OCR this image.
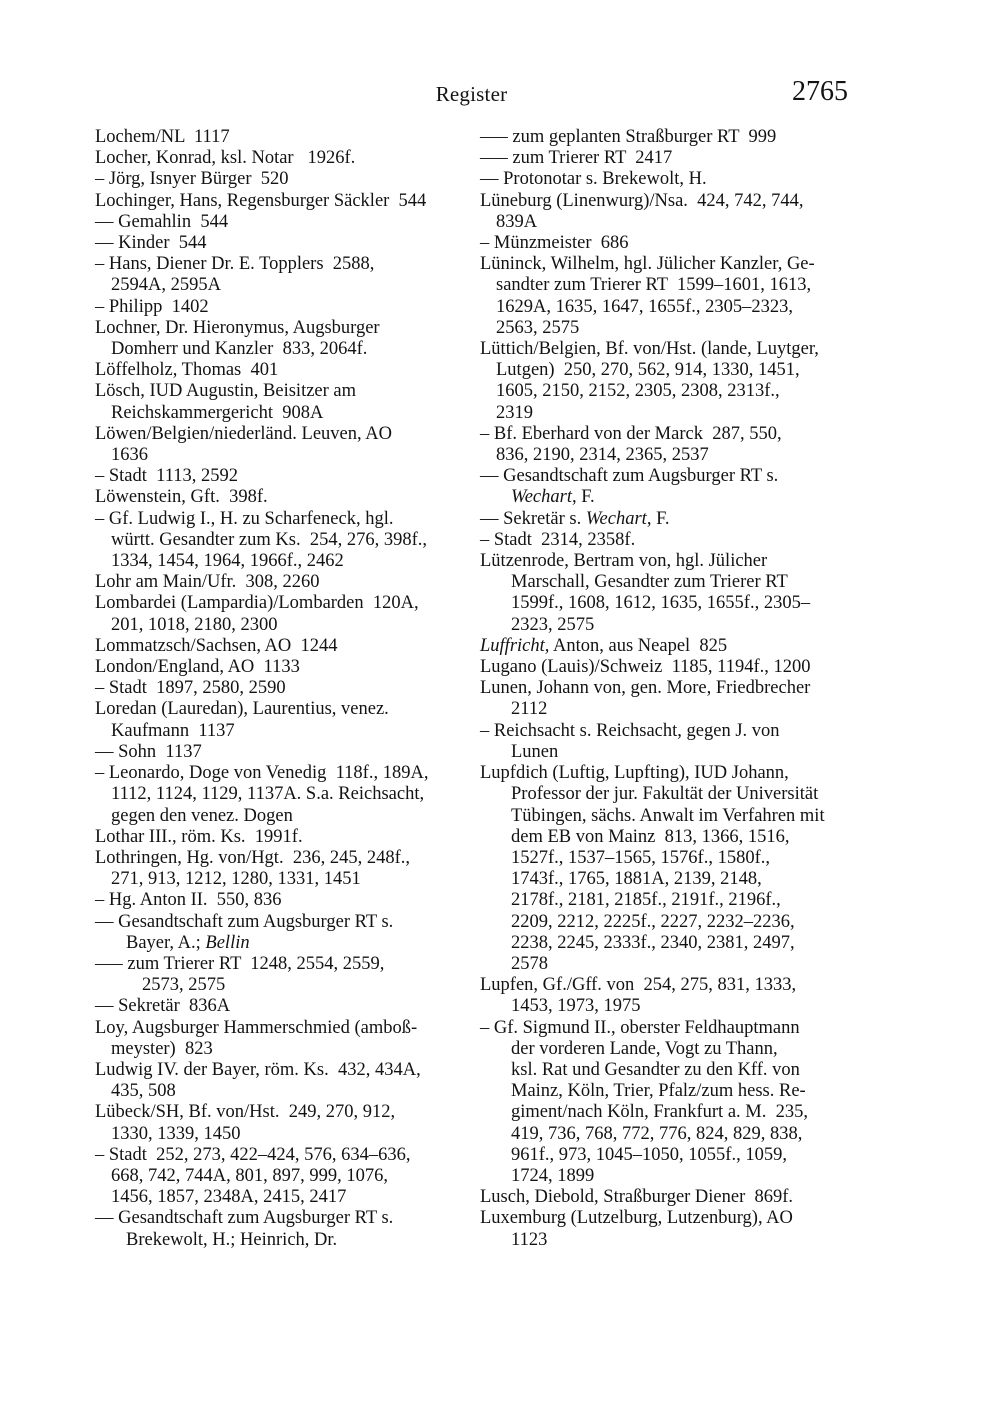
Register	2765
Lochem/NL  1117
Locher, Konrad, ksl. Notar   1926f.
– Jörg, Isnyer Bürger  520
Lochinger, Hans, Regensburger Säckler  544
–– Gemahlin  544
–– Kinder  544
– Hans, Diener Dr. E. Topplers  2588,
2594A, 2595A
– Philipp  1402
Lochner, Dr. Hieronymus, Augsburger
Domherr und Kanzler  833, 2064f.
Löffelholz, Thomas  401
Lösch, IUD Augustin, Beisitzer am
Reichskammergericht  908A
Löwen/Belgien/niederländ. Leuven, AO
1636
– Stadt  1113, 2592
Löwenstein, Gft.  398f.
– Gf. Ludwig I., H. zu Scharfeneck, hgl.
württ. Gesandter zum Ks.  254, 276, 398f.,
1334, 1454, 1964, 1966f., 2462
Lohr am Main/Ufr.  308, 2260
Lombardei (Lampardia)/Lombarden  120A,
201, 1018, 2180, 2300
Lommatzsch/Sachsen, AO  1244
London/England, AO  1133
– Stadt  1897, 2580, 2590
Loredan (Lauredan), Laurentius, venez.
Kaufmann  1137
–– Sohn  1137
– Leonardo, Doge von Venedig  118f., 189A,
1112, 1124, 1129, 1137A. S.a. Reichsacht,
gegen den venez. Dogen
Lothar III., röm. Ks.  1991f.
Lothringen, Hg. von/Hgt.  236, 245, 248f.,
271, 913, 1212, 1280, 1331, 1451
– Hg. Anton II.  550, 836
–– Gesandtschaft zum Augsburger RT s.
Bayer, A.; Bellin
––– zum Trierer RT  1248, 2554, 2559,
2573, 2575
–– Sekretär  836A
Loy, Augsburger Hammerschmied (amboß-
meyster)  823
Ludwig IV. der Bayer, röm. Ks.  432, 434A,
435, 508
Lübeck/SH, Bf. von/Hst.  249, 270, 912,
1330, 1339, 1450
– Stadt  252, 273, 422–424, 576, 634–636,
668, 742, 744A, 801, 897, 999, 1076,
1456, 1857, 2348A, 2415, 2417
–– Gesandtschaft zum Augsburger RT s.
Brekewolt, H.; Heinrich, Dr.
––– zum geplanten Straßburger RT  999
––– zum Trierer RT  2417
–– Protonotar s. Brekewolt, H.
Lüneburg (Linenwurg)/Nsa.  424, 742, 744,
839A
– Münzmeister  686
Lüninck, Wilhelm, hgl. Jülicher Kanzler, Ge-
sandter zum Trierer RT  1599–1601, 1613,
1629A, 1635, 1647, 1655f., 2305–2323,
2563, 2575
Lüttich/Belgien, Bf. von/Hst. (lande, Luytger,
Lutgen)  250, 270, 562, 914, 1330, 1451,
1605, 2150, 2152, 2305, 2308, 2313f.,
2319
– Bf. Eberhard von der Marck  287, 550,
836, 2190, 2314, 2365, 2537
–– Gesandtschaft zum Augsburger RT s.
Wechart, F.
–– Sekretär s. Wechart, F.
– Stadt  2314, 2358f.
Lützenrode, Bertram von, hgl. Jülicher
Marschall, Gesandter zum Trierer RT
1599f., 1608, 1612, 1635, 1655f., 2305–
2323, 2575
Luffricht, Anton, aus Neapel  825
Lugano (Lauis)/Schweiz  1185, 1194f., 1200
Lunen, Johann von, gen. More, Friedbrecher
2112
– Reichsacht s. Reichsacht, gegen J. von
Lunen
Lupfdich (Luftig, Lupfting), IUD Johann,
Professor der jur. Fakultät der Universität
Tübingen, sächs. Anwalt im Verfahren mit
dem EB von Mainz  813, 1366, 1516,
1527f., 1537–1565, 1576f., 1580f.,
1743f., 1765, 1881A, 2139, 2148,
2178f., 2181, 2185f., 2191f., 2196f.,
2209, 2212, 2225f., 2227, 2232–2236,
2238, 2245, 2333f., 2340, 2381, 2497,
2578
Lupfen, Gf./Gff. von  254, 275, 831, 1333,
1453, 1973, 1975
– Gf. Sigmund II., oberster Feldhauptmann
der vorderen Lande, Vogt zu Thann,
ksl. Rat und Gesandter zu den Kff. von
Mainz, Köln, Trier, Pfalz/zum hess. Re-
giment/nach Köln, Frankfurt a. M.  235,
419, 736, 768, 772, 776, 824, 829, 838,
961f., 973, 1045–1050, 1055f., 1059,
1724, 1899
Lusch, Diebold, Straßburger Diener  869f.
Luxemburg (Lutzelburg, Lutzenburg), AO
1123
